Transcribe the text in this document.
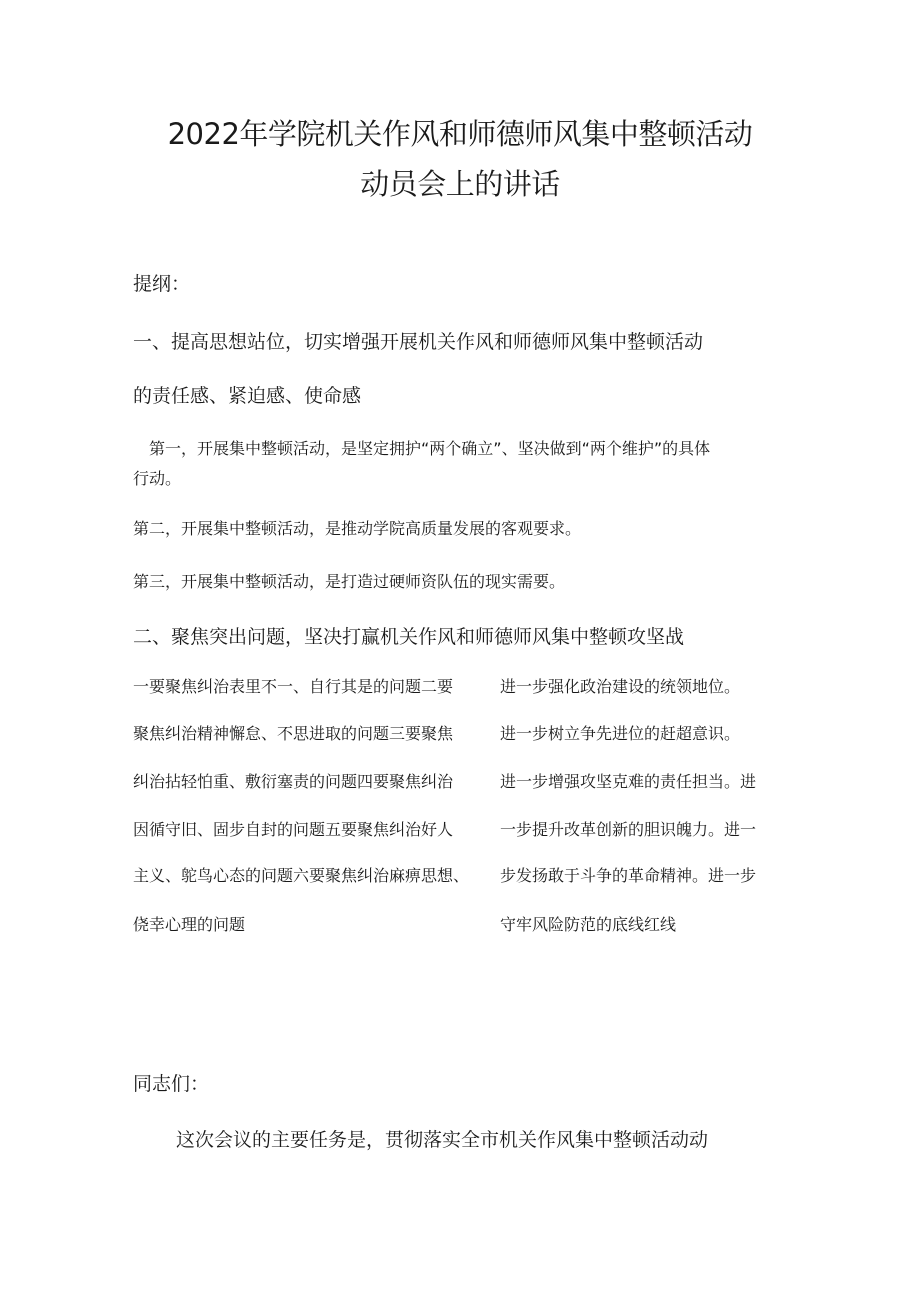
2022年学院机关作风和师德师风集中整顿活动
动员会上的讲话

提纲：

一、提高思想站位，切实增强开展机关作风和师德师风集中整顿活动

的责任感、紧迫感、使命感

第一，开展集中整顿活动，是坚定拥护“两个确立”、坚决做到“两个维护”的具体

行动。

第二，开展集中整顿活动，是推动学院高质量发展的客观要求。

第三，开展集中整顿活动，是打造过硬师资队伍的现实需要。

二、聚焦突出问题，坚决打赢机关作风和师德师风集中整顿攻坚战

一要聚焦纠治表里不一、自行其是的问题二要

聚焦纠治精神懈怠、不思进取的问题三要聚焦

纠治拈轻怕重、敷衍塞责的问题四要聚焦纠治

因循守旧、固步自封的问题五要聚焦纠治好人

主义、鸵鸟心态的问题六要聚焦纠治麻痹思想、

侥幸心理的问题

进一步强化政治建设的统领地位。

进一步树立争先进位的赶超意识。

进一步增强攻坚克难的责任担当。进

一步提升改革创新的胆识魄力。进一

步发扬敢于斗争的革命精神。进一步

守牢风险防范的底线红线

同志们：

这次会议的主要任务是，贯彻落实全市机关作风集中整顿活动动
